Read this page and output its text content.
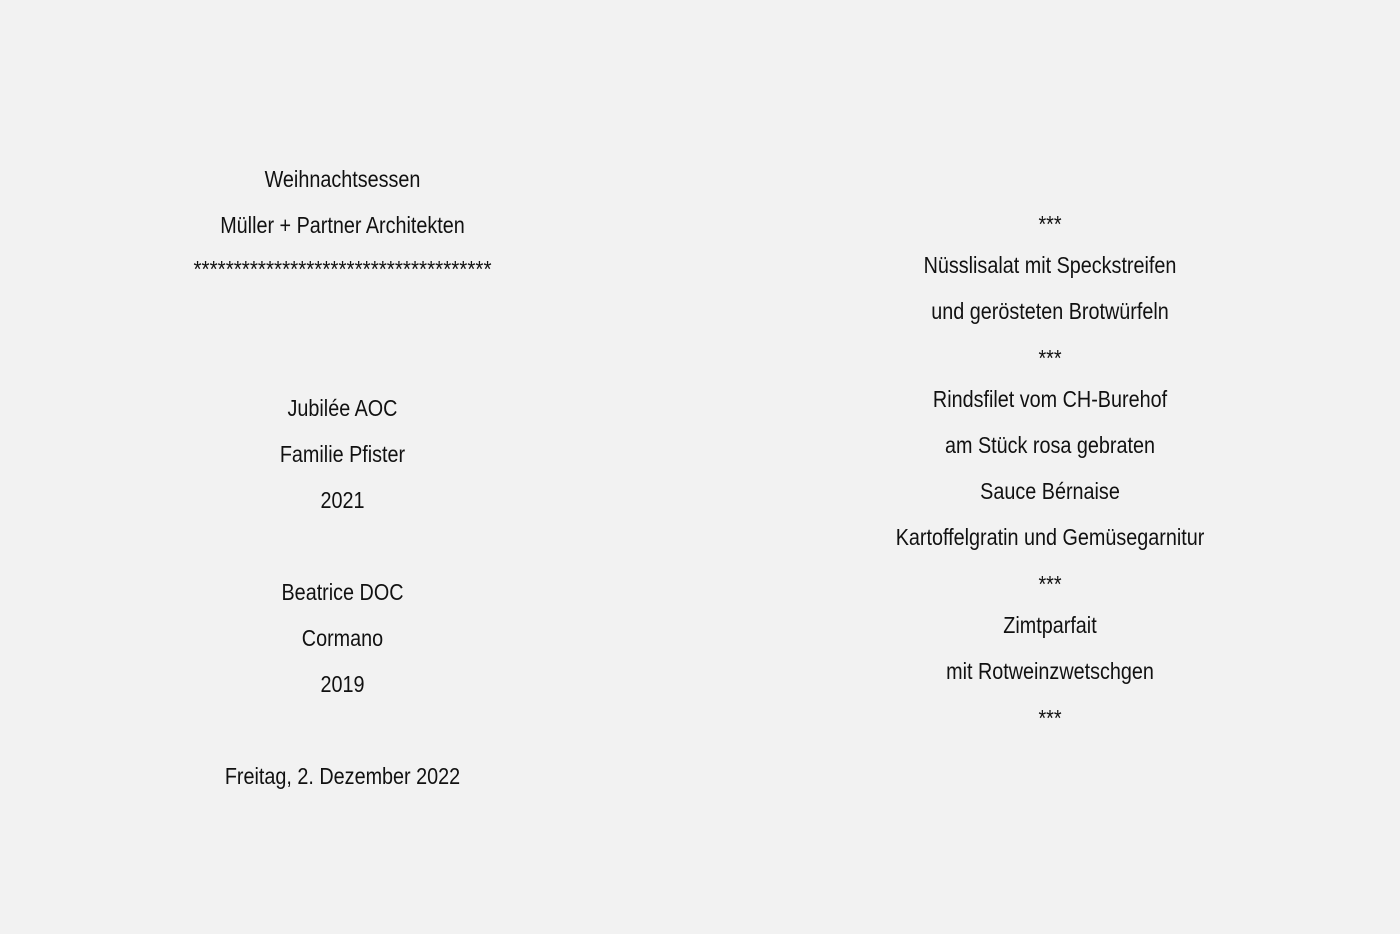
Weihnachtsessen
Müller + Partner Architekten
*************************************
Jubilée AOC
Familie Pfister
2021
Beatrice DOC
Cormano
2019
Freitag, 2. Dezember 2022
***
Nüsslisalat mit Speckstreifen
und gerösteten Brotwürfeln
***
Rindsfilet vom CH-Burehof
am Stück rosa gebraten
Sauce Bérnaise
Kartoffelgratin und Gemüsegarnitur
***
Zimtparfait
mit Rotweinzwetschgen
***
